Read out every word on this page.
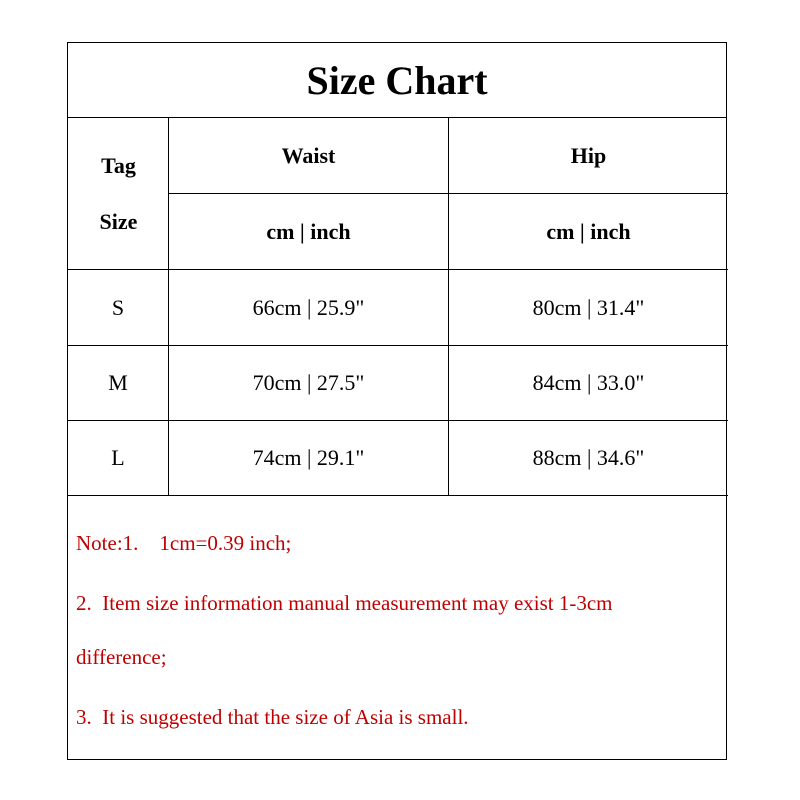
Size Chart
Tag
Size
Waist	Hip
cm | inch	cm | inch
S	66cm | 25.9"	80cm | 31.4"
M	70cm | 27.5"	84cm | 33.0"
L	74cm | 29.1"	88cm | 34.6"
Note:1.    1cm=0.39 inch;
2.  Item size information manual measurement may exist 1-3cm
difference;
3.  It is suggested that the size of Asia is small.
